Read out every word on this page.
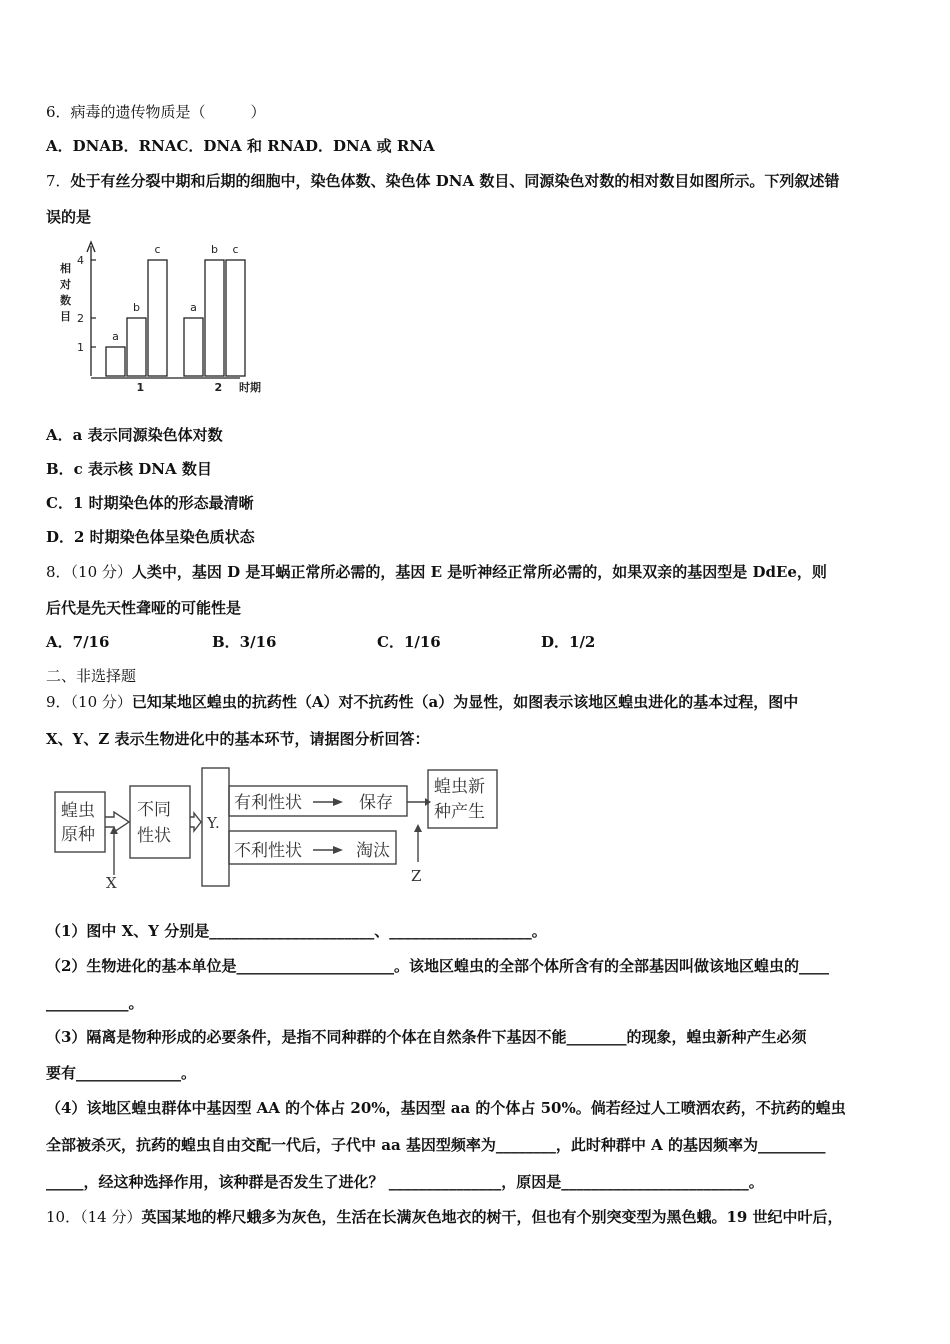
6．病毒的遗传物质是（　　　）
A．DNAB．RNAC．DNA 和 RNAD．DNA 或 RNA
7．处于有丝分裂中期和后期的细胞中，染色体数、染色体 DNA 数目、同源染色对数的相对数目如图所示。下列叙述错
误的是
1
2
4
相
对
数
目
a
b
c
1
a
b c
2 时期
A．a 表示同源染色体对数
B．c 表示核 DNA 数目
C．1 时期染色体的形态最清晰
D．2 时期染色体呈染色质状态
8．（10 分）人类中，基因 D 是耳蜗正常所必需的，基因 E 是听神经正常所必需的，如果双亲的基因型是 DdEe，则
后代是先天性聋哑的可能性是
A．7/16	B．3/16	C．1/16	D．1/2
二、非选择题
9．（10 分）已知某地区蝗虫的抗药性（A）对不抗药性（a）为显性，如图表示该地区蝗虫进化的基本过程，图中
X、Y、Z 表示生物进化中的基本环节，请据图分析回答：
蝗虫
原种
不同
性状
Y.
有利性状	保存
不利性状	淘汰
蝗虫新
种产生
X	Z
（1）图中 X、Y 分别是______________________、___________________。
（2）生物进化的基本单位是_____________________。该地区蝗虫的全部个体所含有的全部基因叫做该地区蝗虫的____
___________。
（3）隔离是物种形成的必要条件，是指不同种群的个体在自然条件下基因不能________的现象，蝗虫新种产生必须
要有______________。
（4）该地区蝗虫群体中基因型 AA 的个体占 20%，基因型 aa 的个体占 50%。倘若经过人工喷洒农药，不抗药的蝗虫
全部被杀灭，抗药的蝗虫自由交配一代后，子代中 aa 基因型频率为________，此时种群中 A 的基因频率为_________
_____，经这种选择作用，该种群是否发生了进化？ _______________，原因是_________________________。
10．（14 分）英国某地的桦尺蛾多为灰色，生活在长满灰色地衣的树干，但也有个别突变型为黑色蛾。19 世纪中叶后，
